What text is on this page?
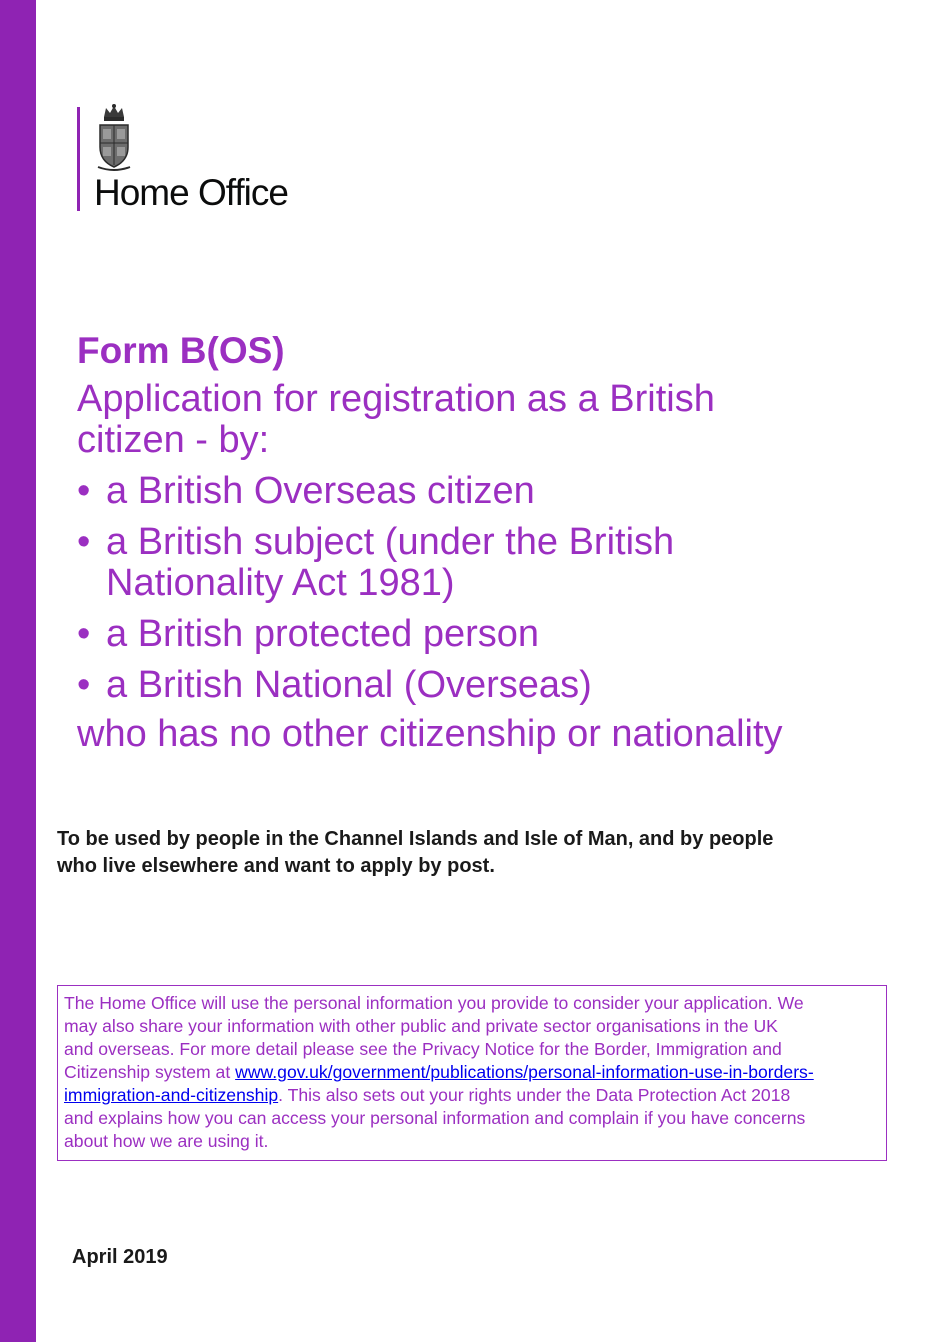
Home Office
Form B(OS)
Application for registration as a British
citizen - by:
• a British Overseas citizen
• a British subject (under the British
Nationality Act 1981)
• a British protected person
• a British National (Overseas)

who has no other citizenship or nationality

To be used by people in the Channel Islands and Isle of Man, and by people
who live elsewhere and want to apply by post.

The Home Office will use the personal information you provide to consider your application. We
may also share your information with other public and private sector organisations in the UK
and overseas. For more detail please see the Privacy Notice for the Border, Immigration and
Citizenship system at www.gov.uk/government/publications/personal-information-use-in-borders-
immigration-and-citizenship. This also sets out your rights under the Data Protection Act 2018
and explains how you can access your personal information and complain if you have concerns
about how we are using it.

April 2019
